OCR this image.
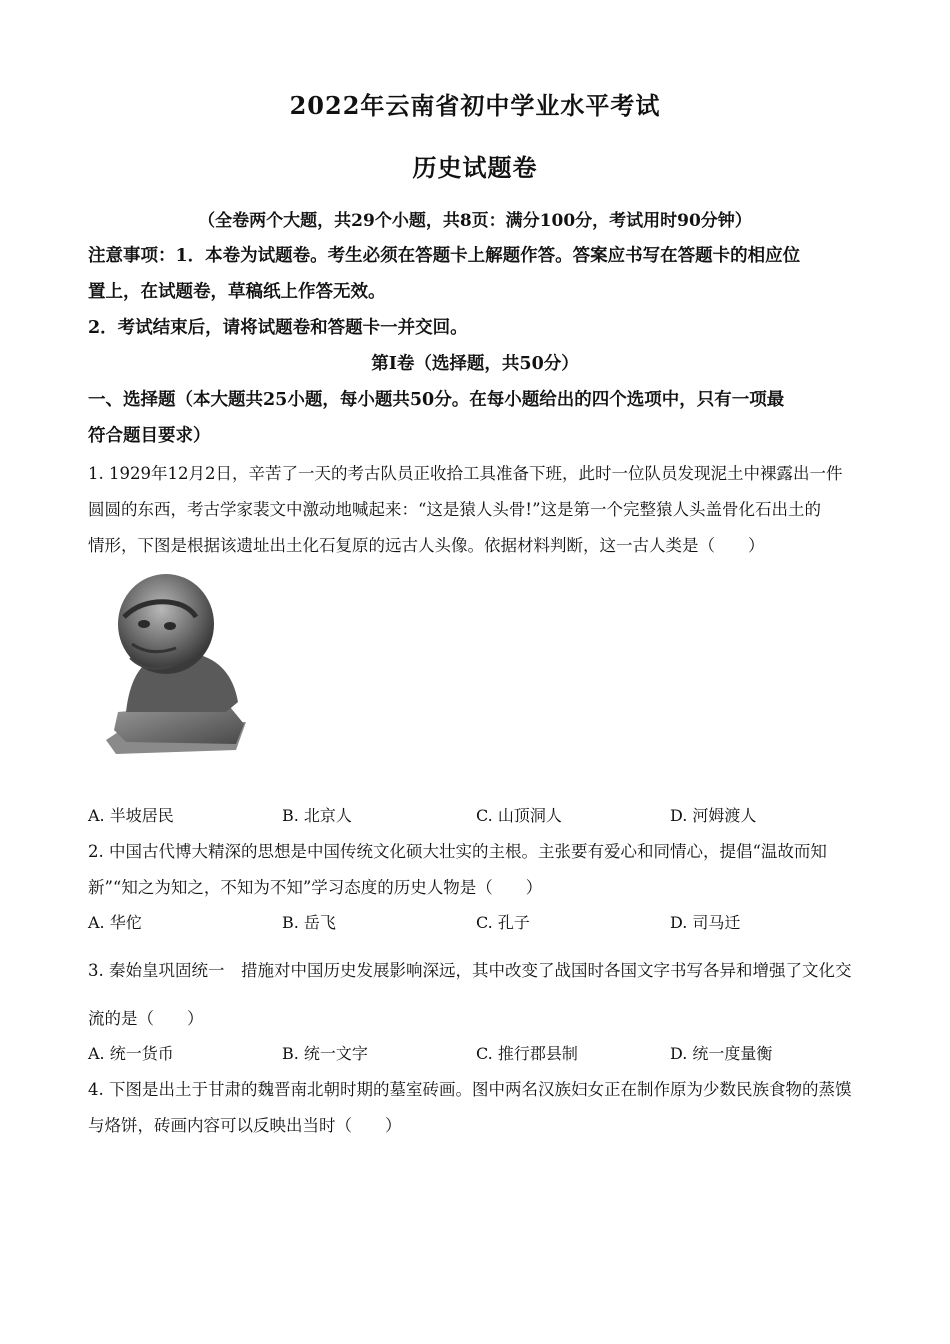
2022年云南省初中学业水平考试
历史试题卷
（全卷两个大题，共29个小题，共8页：满分100分，考试用时90分钟）
注意事项：1．本卷为试题卷。考生必须在答题卡上解题作答。答案应书写在答题卡的相应位
置上，在试题卷，草稿纸上作答无效。
2．考试结束后，请将试题卷和答题卡一并交回。
第Ⅰ卷（选择题，共50分）
一、选择题（本大题共25小题，每小题共50分。在每小题给出的四个选项中，只有一项最
符合题目要求）
1. 1929年12月2日，辛苦了一天的考古队员正收拾工具准备下班，此时一位队员发现泥土中裸露出一件
圆圆的东西，考古学家裴文中激动地喊起来：“这是猿人头骨!”这是第一个完整猿人头盖骨化石出土的
情形，下图是根据该遗址出土化石复原的远古人头像。依据材料判断，这一古人类是（　　）
A. 半坡居民	B. 北京人	C. 山顶洞人	D. 河姆渡人
2. 中国古代博大精深的思想是中国传统文化硕大壮实的主根。主张要有爱心和同情心，提倡“温故而知
新”“知之为知之，不知为不知”学习态度的历史人物是（　　）
A. 华佗	B. 岳飞	C. 孔子	D. 司马迁
3. 秦始皇巩固统一　措施对中国历史发展影响深远，其中改变了战国时各国文字书写各异和增强了文化交
流的是（　　）
A. 统一货币	B. 统一文字	C. 推行郡县制	D. 统一度量衡
4. 下图是出土于甘肃的魏晋南北朝时期的墓室砖画。图中两名汉族妇女正在制作原为少数民族食物的蒸馍
与烙饼，砖画内容可以反映出当时（　　）
